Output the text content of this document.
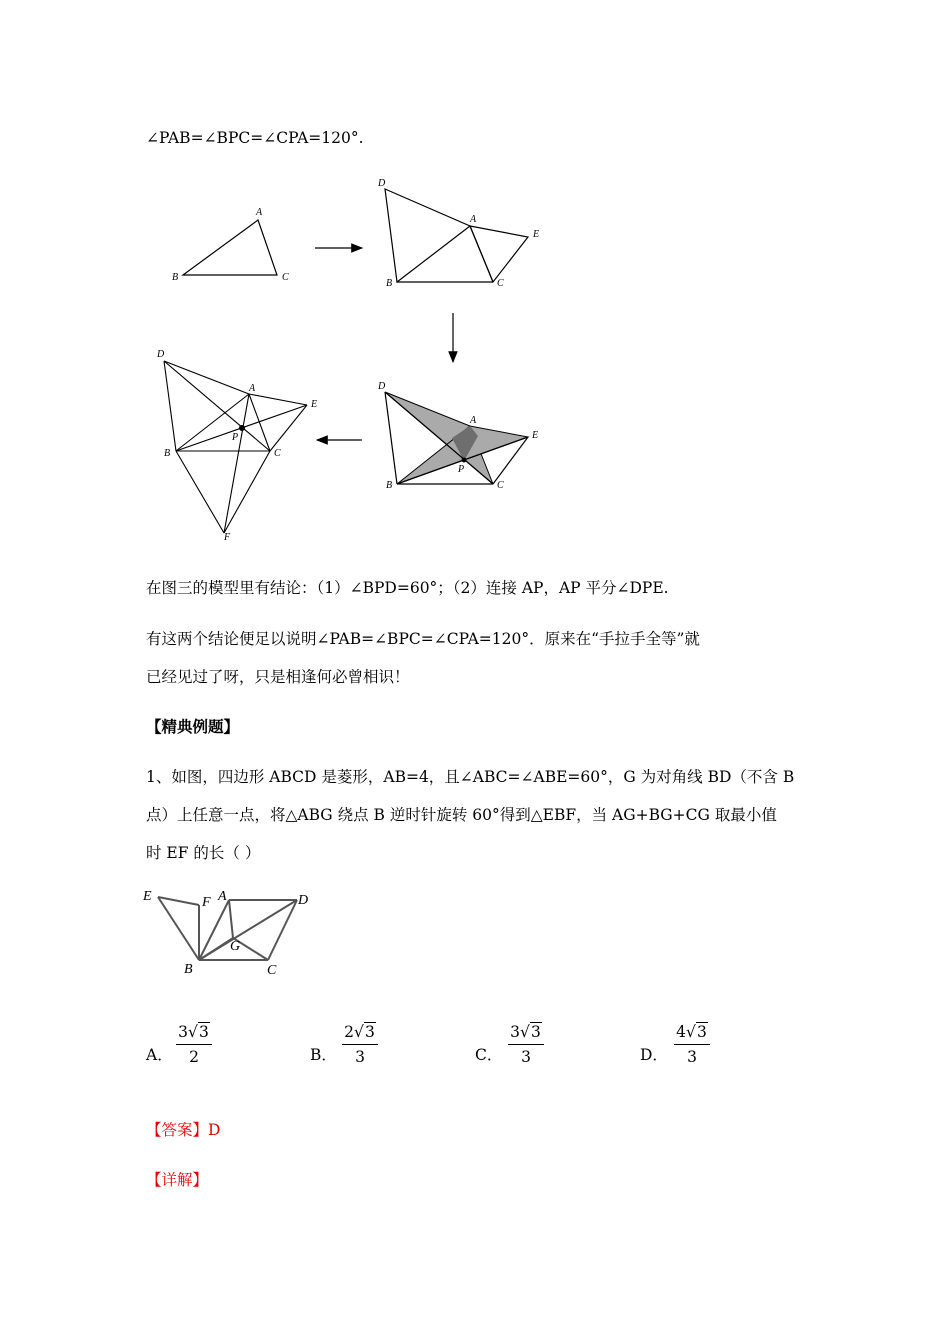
∠PAB=∠BPC=∠CPA=120°.
A
B	C
D
A
E
B	C
D
A
E
P
B	C
D
A
E
P
B	C
F
在图三的模型里有结论：（1）∠BPD=60°；（2）连接 AP，AP 平分∠DPE.
有这两个结论便足以说明∠PAB=∠BPC=∠CPA=120°．原来在“手拉手全等”就
已经见过了呀，只是相逢何必曾相识！
【精典例题】
1、如图，四边形 ABCD 是菱形，AB=4，且∠ABC=∠ABE=60°，G 为对角线 BD（不含 B
点）上任意一点，将△ABG 绕点 B 逆时针旋转 60°得到△EBF，当 AG+BG+CG 取最小值
时 EF 的长（ ）
E	F A	D
G
B	C
A．
3√3
2	B．
2√3
3	C．
3√3
3	D．
4√3
3
【答案】D
【详解】
